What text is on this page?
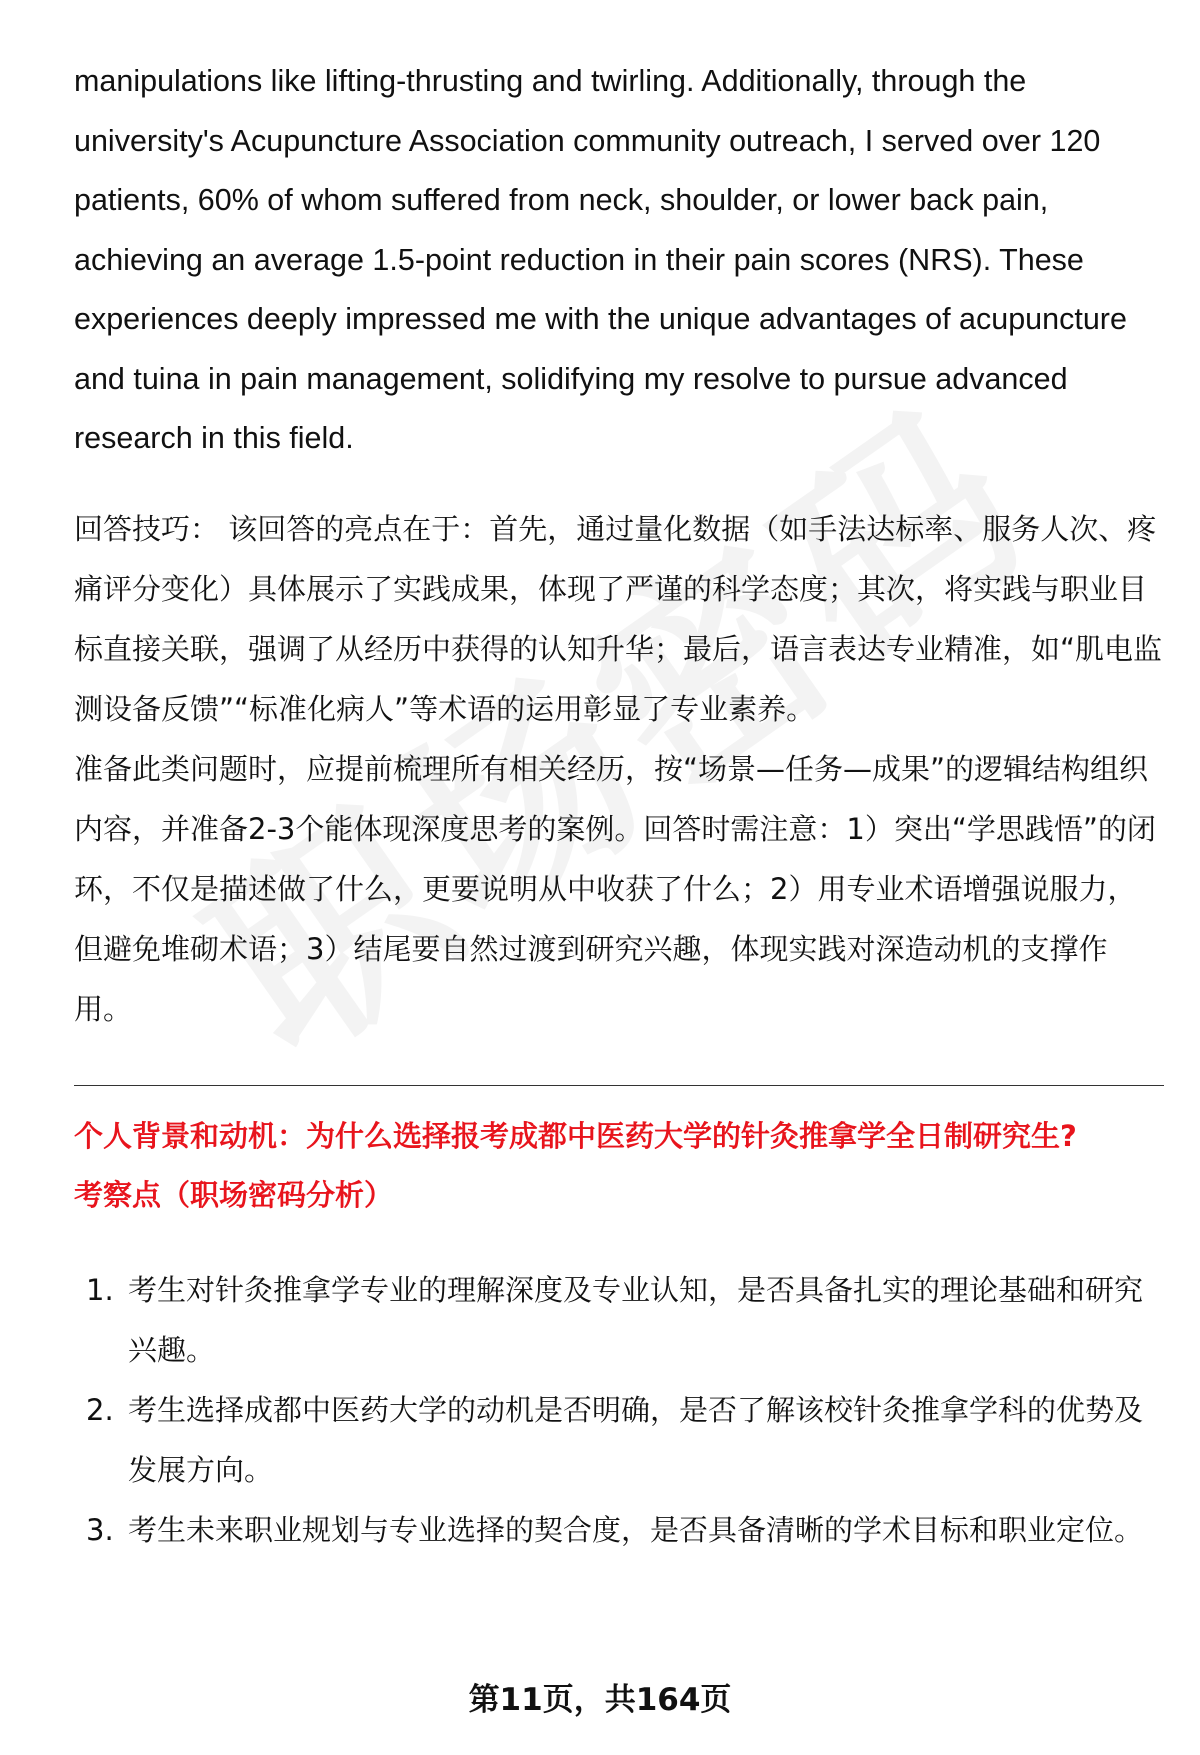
manipulations like lifting-thrusting and twirling. Additionally, through the university's Acupuncture Association community outreach, I served over 120 patients, 60% of whom suffered from neck, shoulder, or lower back pain, achieving an average 1.5-point reduction in their pain scores (NRS). These experiences deeply impressed me with the unique advantages of acupuncture and tuina in pain management, solidifying my resolve to pursue advanced research in this field.

回答技巧： 该回答的亮点在于：首先，通过量化数据（如手法达标率、服务人次、疼痛评分变化）具体展示了实践成果，体现了严谨的科学态度；其次，将实践与职业目标直接关联，强调了从经历中获得的认知升华；最后，语言表达专业精准，如“肌电监测设备反馈”“标准化病人”等术语的运用彰显了专业素养。

准备此类问题时，应提前梳理所有相关经历，按“场景—任务—成果”的逻辑结构组织内容，并准备2-3个能体现深度思考的案例。回答时需注意：1）突出“学思践悟”的闭环，不仅是描述做了什么，更要说明从中收获了什么；2）用专业术语增强说服力，但避免堆砌术语；3）结尾要自然过渡到研究兴趣，体现实践对深造动机的支撑作用。

个人背景和动机：为什么选择报考成都中医药大学的针灸推拿学全日制研究生?

考察点（职场密码分析）

1. 考生对针灸推拿学专业的理解深度及专业认知，是否具备扎实的理论基础和研究兴趣。
2. 考生选择成都中医药大学的动机是否明确，是否了解该校针灸推拿学科的优势及发展方向。
3. 考生未来职业规划与专业选择的契合度，是否具备清晰的学术目标和职业定位。
第11页，共164页
